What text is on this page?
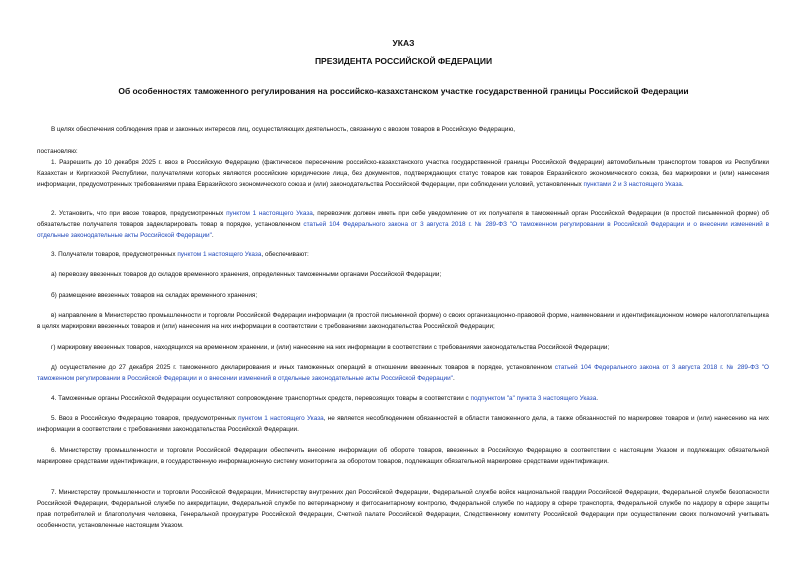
УКАЗ

ПРЕЗИДЕНТА РОССИЙСКОЙ ФЕДЕРАЦИИ

Об особенностях таможенного регулирования на российско-казахстанском участке государственной границы Российской Федерации

В целях обеспечения соблюдения прав и законных интересов лиц, осуществляющих деятельность, связанную с ввозом товаров в Российскую Федерацию,

постановляю:

1. Разрешить до 10 декабря 2025 г. ввоз в Российскую Федерацию (фактическое пересечение российско-казахстанского участка государственной границы Российской Федерации) автомобильным транспортом товаров из Республики Казахстан и Киргизской Республики, получателями которых являются российские юридические лица, без документов, подтверждающих статус товаров как товаров Евразийского экономического союза, без маркировки и (или) нанесения информации, предусмотренных требованиями права Евразийского экономического союза и (или) законодательства Российской Федерации, при соблюдении условий, установленных пунктами 2 и 3 настоящего Указа.

2. Установить, что при ввозе товаров, предусмотренных пунктом 1 настоящего Указа, перевозчик должен иметь при себе уведомление от их получателя в таможенный орган Российской Федерации (в простой письменной форме) об обязательстве получателя товаров задекларировать товар в порядке, установленном статьей 104 Федерального закона от 3 августа 2018 г. № 289-ФЗ "О таможенном регулировании в Российской Федерации и о внесении изменений в отдельные законодательные акты Российской Федерации".

3. Получатели товаров, предусмотренных пунктом 1 настоящего Указа, обеспечивают:

а) перевозку ввезенных товаров до складов временного хранения, определенных таможенными органами Российской Федерации;

б) размещение ввезенных товаров на складах временного хранения;

в) направление в Министерство промышленности и торговли Российской Федерации информации (в простой письменной форме) о своих организационно-правовой форме, наименовании и идентификационном номере налогоплательщика в целях маркировки ввезенных товаров и (или) нанесения на них информации в соответствии с требованиями законодательства Российской Федерации;

г) маркировку ввезенных товаров, находящихся на временном хранении, и (или) нанесение на них информации в соответствии с требованиями законодательства Российской Федерации;

д) осуществление до 27 декабря 2025 г. таможенного декларирования и иных таможенных операций в отношении ввезенных товаров в порядке, установленном статьей 104 Федерального закона от 3 августа 2018 г. № 289-ФЗ "О таможенном регулировании в Российской Федерации и о внесении изменений в отдельные законодательные акты Российской Федерации".

4. Таможенные органы Российской Федерации осуществляют сопровождение транспортных средств, перевозящих товары в соответствии с подпунктом "а" пункта 3 настоящего Указа.

5. Ввоз в Российскую Федерацию товаров, предусмотренных пунктом 1 настоящего Указа, не является несоблюдением обязанностей в области таможенного дела, а также обязанностей по маркировке товаров и (или) нанесению на них информации в соответствии с требованиями законодательства Российской Федерации.

6. Министерству промышленности и торговли Российской Федерации обеспечить внесение информации об обороте товаров, ввезенных в Российскую Федерацию в соответствии с настоящим Указом и подлежащих обязательной маркировке средствами идентификации, в государственную информационную систему мониторинга за оборотом товаров, подлежащих обязательной маркировке средствами идентификации.

7. Министерству промышленности и торговли Российской Федерации, Министерству внутренних дел Российской Федерации, Федеральной службе войск национальной гвардии Российской Федерации, Федеральной службе безопасности Российской Федерации, Федеральной службе по аккредитации, Федеральной службе по ветеринарному и фитосанитарному контролю, Федеральной службе по надзору в сфере транспорта, Федеральной службе по надзору в сфере защиты прав потребителей и благополучия человека, Генеральной прокуратуре Российской Федерации, Счетной палате Российской Федерации, Следственному комитету Российской Федерации при осуществлении своих полномочий учитывать особенности, установленные настоящим Указом.
